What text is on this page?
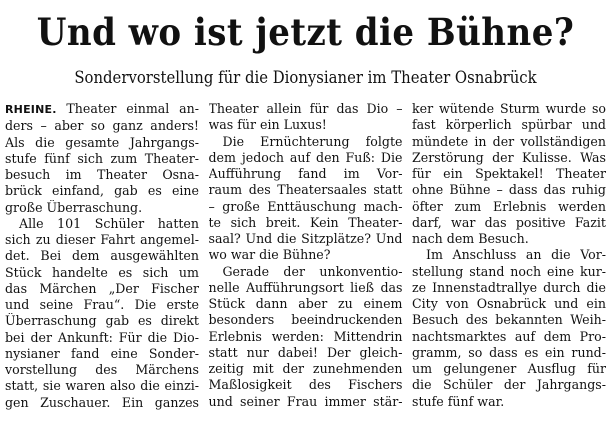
Und wo ist jetzt die Bühne?
Sondervorstellung für die Dionysianer im Theater Osnabrück
RHEINE. Theater einmal an-
ders – aber so ganz anders!
Als die gesamte Jahrgangs-
stufe fünf sich zum Theater-
besuch im Theater Osna-
brück einfand, gab es eine
große Überraschung.
Alle 101 Schüler hatten
sich zu dieser Fahrt angemel-
det. Bei dem ausgewählten
Stück handelte es sich um
das Märchen „Der Fischer
und seine Frau“. Die erste
Überraschung gab es direkt
bei der Ankunft: Für die Dio-
nysianer fand eine Sonder-
vorstellung des Märchens
statt, sie waren also die einzi-
gen Zuschauer. Ein ganzes
Theater allein für das Dio –
was für ein Luxus!
Die Ernüchterung folgte
dem jedoch auf den Fuß: Die
Aufführung fand im Vor-
raum des Theatersaales statt
– große Enttäuschung mach-
te sich breit. Kein Theater-
saal? Und die Sitzplätze? Und
wo war die Bühne?
Gerade der unkonventio-
nelle Aufführungsort ließ das
Stück dann aber zu einem
besonders beeindruckenden
Erlebnis werden: Mittendrin
statt nur dabei! Der gleich-
zeitig mit der zunehmenden
Maßlosigkeit des Fischers
und seiner Frau immer stär-
ker wütende Sturm wurde so
fast körperlich spürbar und
mündete in der vollständigen
Zerstörung der Kulisse. Was
für ein Spektakel! Theater
ohne Bühne – dass das ruhig
öfter zum Erlebnis werden
darf, war das positive Fazit
nach dem Besuch.
Im Anschluss an die Vor-
stellung stand noch eine kur-
ze Innenstadtrallye durch die
City von Osnabrück und ein
Besuch des bekannten Weih-
nachtsmarktes auf dem Pro-
gramm, so dass es ein rund-
um gelungener Ausflug für
die Schüler der Jahrgangs-
stufe fünf war.
